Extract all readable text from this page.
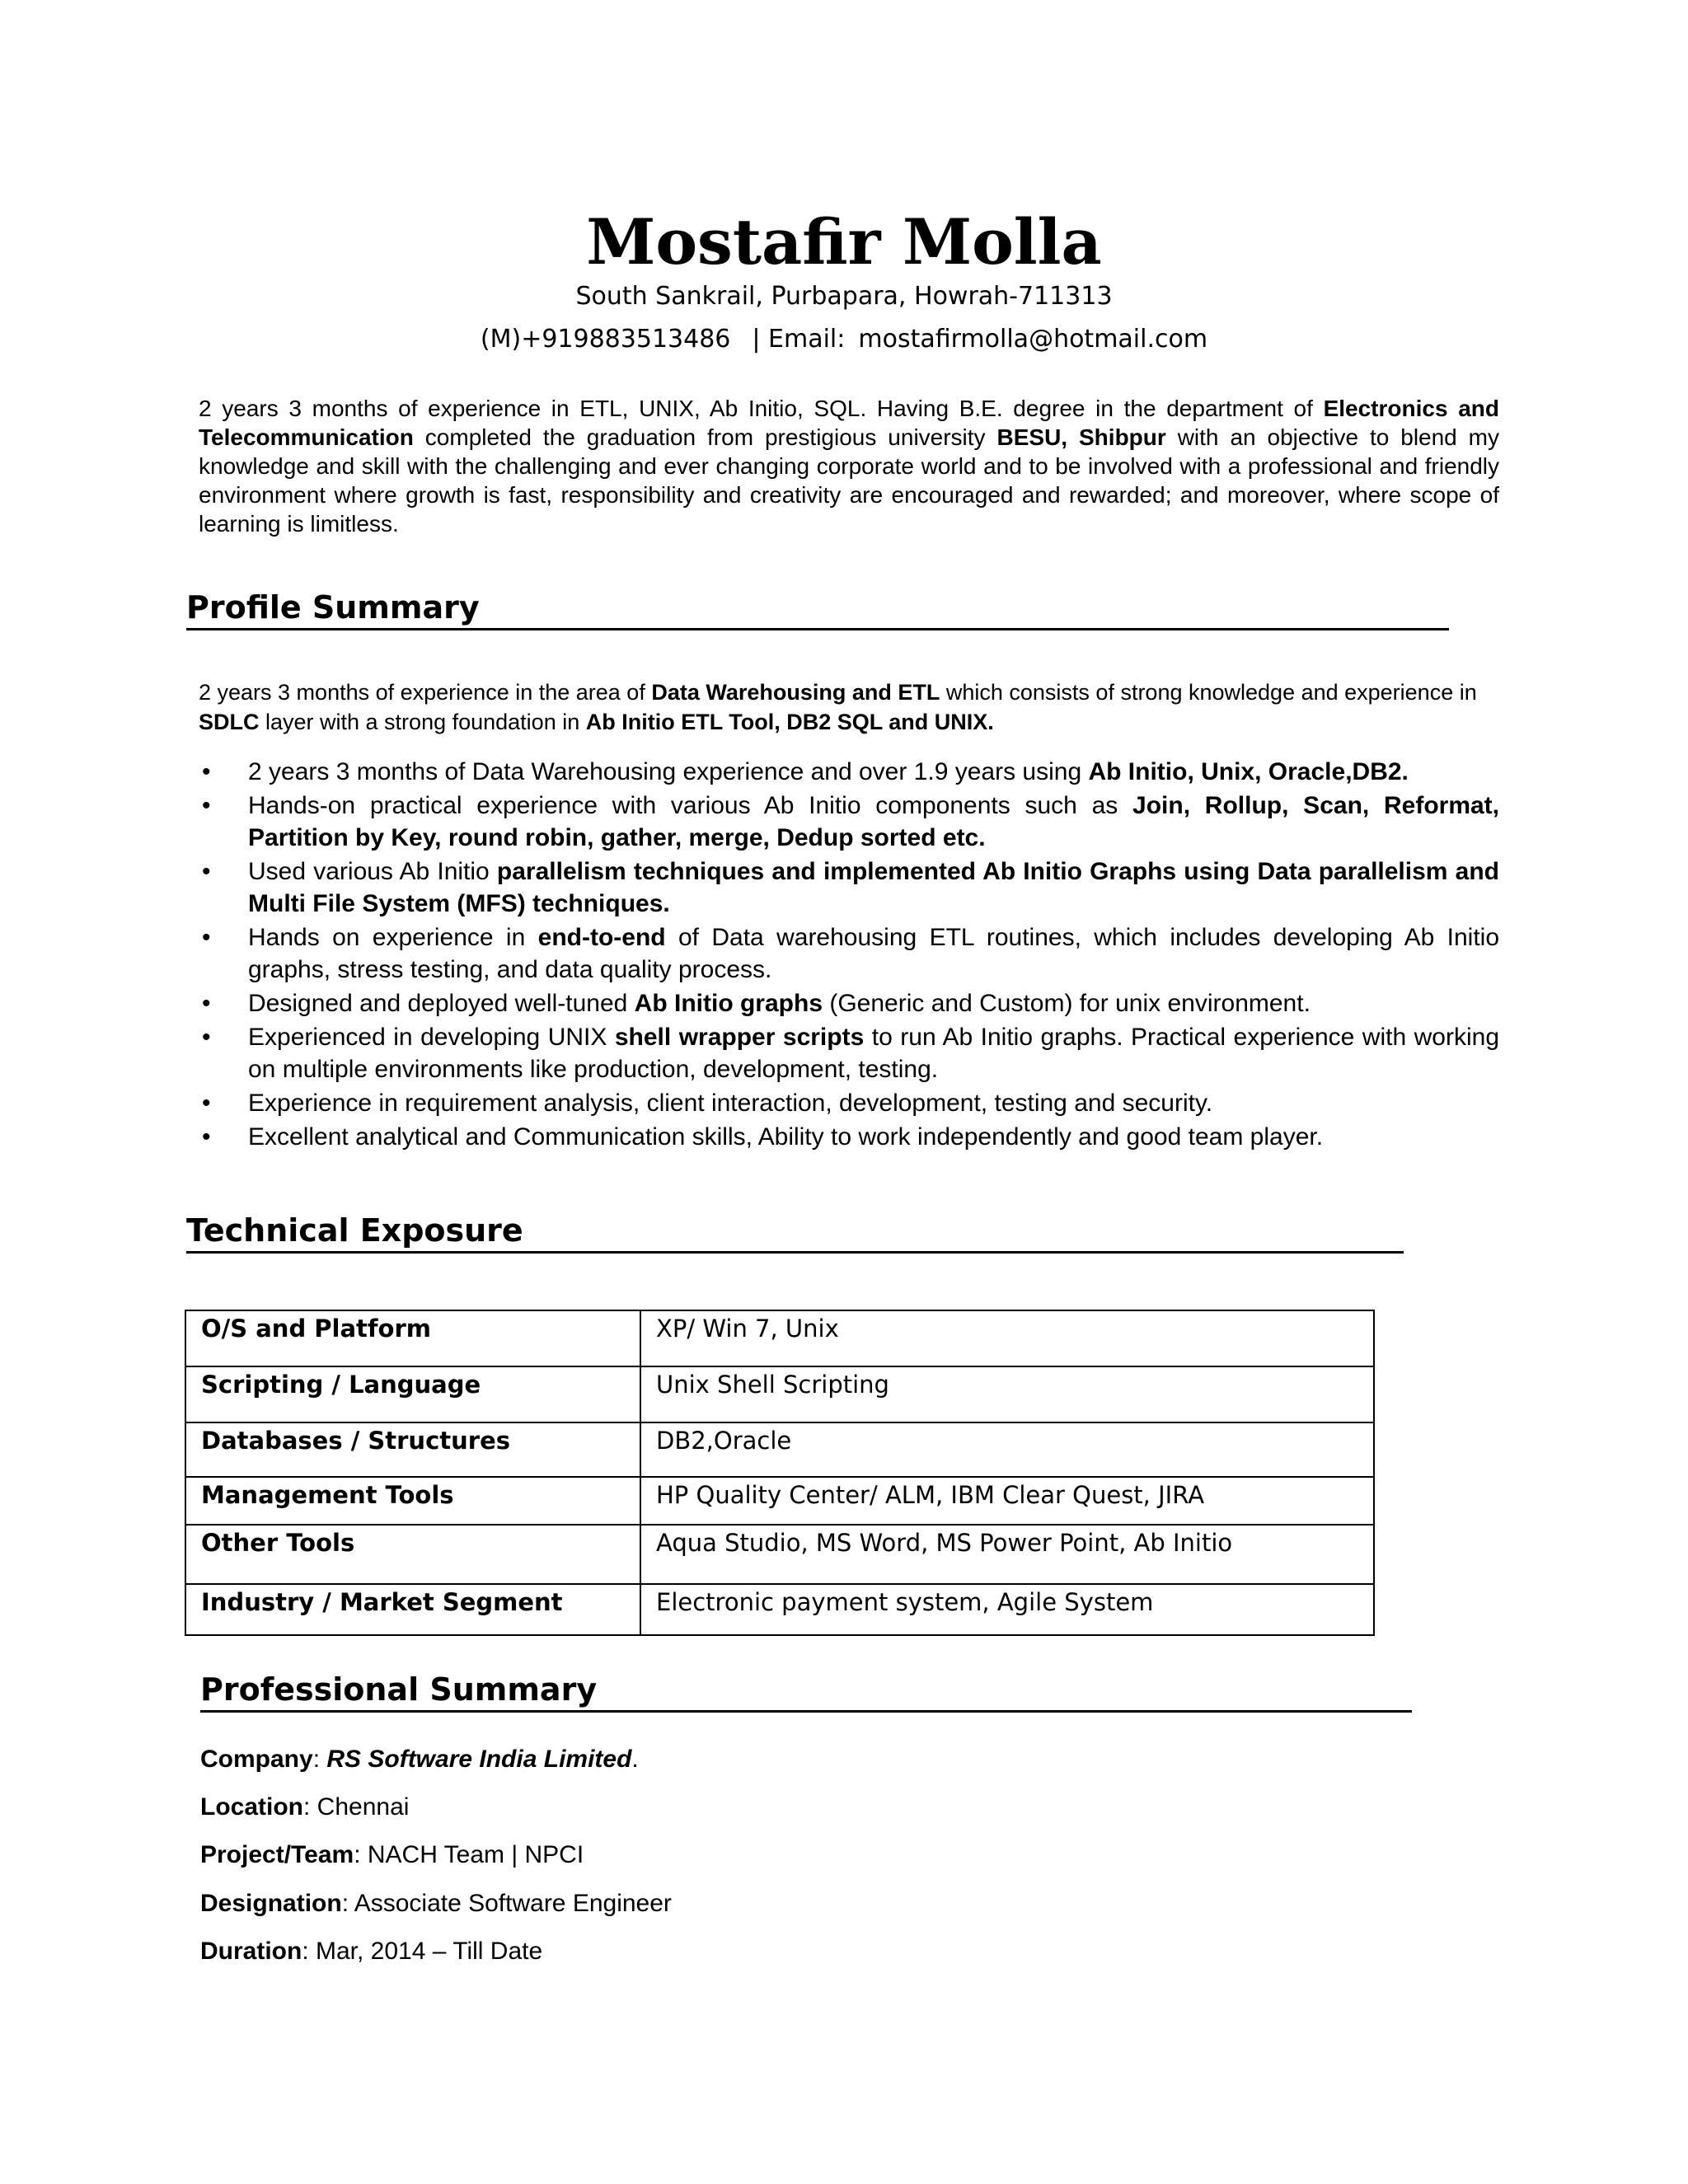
Mostafir Molla

South Sankrail, Purbapara, Howrah-711313

(M)+919883513486 | Email: mostafirmolla@hotmail.com

2 years 3 months of experience in ETL, UNIX, Ab Initio, SQL. Having B.E. degree in the department of Electronics and Telecommunication completed the graduation from prestigious university BESU, Shibpur with an objective to blend my knowledge and skill with the challenging and ever changing corporate world and to be involved with a professional and friendly environment where growth is fast, responsibility and creativity are encouraged and rewarded; and moreover, where scope of learning is limitless.

Profile Summary

2 years 3 months of experience in the area of Data Warehousing and ETL which consists of strong knowledge and experience in SDLC layer with a strong foundation in Ab Initio ETL Tool, DB2 SQL and UNIX.

• 2 years 3 months of Data Warehousing experience and over 1.9 years using Ab Initio, Unix, Oracle,DB2.
• Hands-on practical experience with various Ab Initio components such as Join, Rollup, Scan, Reformat, Partition by Key, round robin, gather, merge, Dedup sorted etc.
• Used various Ab Initio parallelism techniques and implemented Ab Initio Graphs using Data parallelism and Multi File System (MFS) techniques.
• Hands on experience in end-to-end of Data warehousing ETL routines, which includes developing Ab Initio graphs, stress testing, and data quality process.
• Designed and deployed well-tuned Ab Initio graphs (Generic and Custom) for unix environment.
• Experienced in developing UNIX shell wrapper scripts to run Ab Initio graphs. Practical experience with working on multiple environments like production, development, testing.
• Experience in requirement analysis, client interaction, development, testing and security.
• Excellent analytical and Communication skills, Ability to work independently and good team player.
Technical Exposure
O/S and Platform	XP/ Win 7, Unix
Scripting / Language	Unix Shell Scripting
Databases / Structures	DB2,Oracle
Management Tools	HP Quality Center/ ALM, IBM Clear Quest, JIRA
Other Tools	Aqua Studio, MS Word, MS Power Point, Ab Initio
Industry / Market Segment	Electronic payment system, Agile System
Professional Summary

Company: RS Software India Limited.

Location: Chennai

Project/Team: NACH Team | NPCI

Designation: Associate Software Engineer

Duration: Mar, 2014 – Till Date
